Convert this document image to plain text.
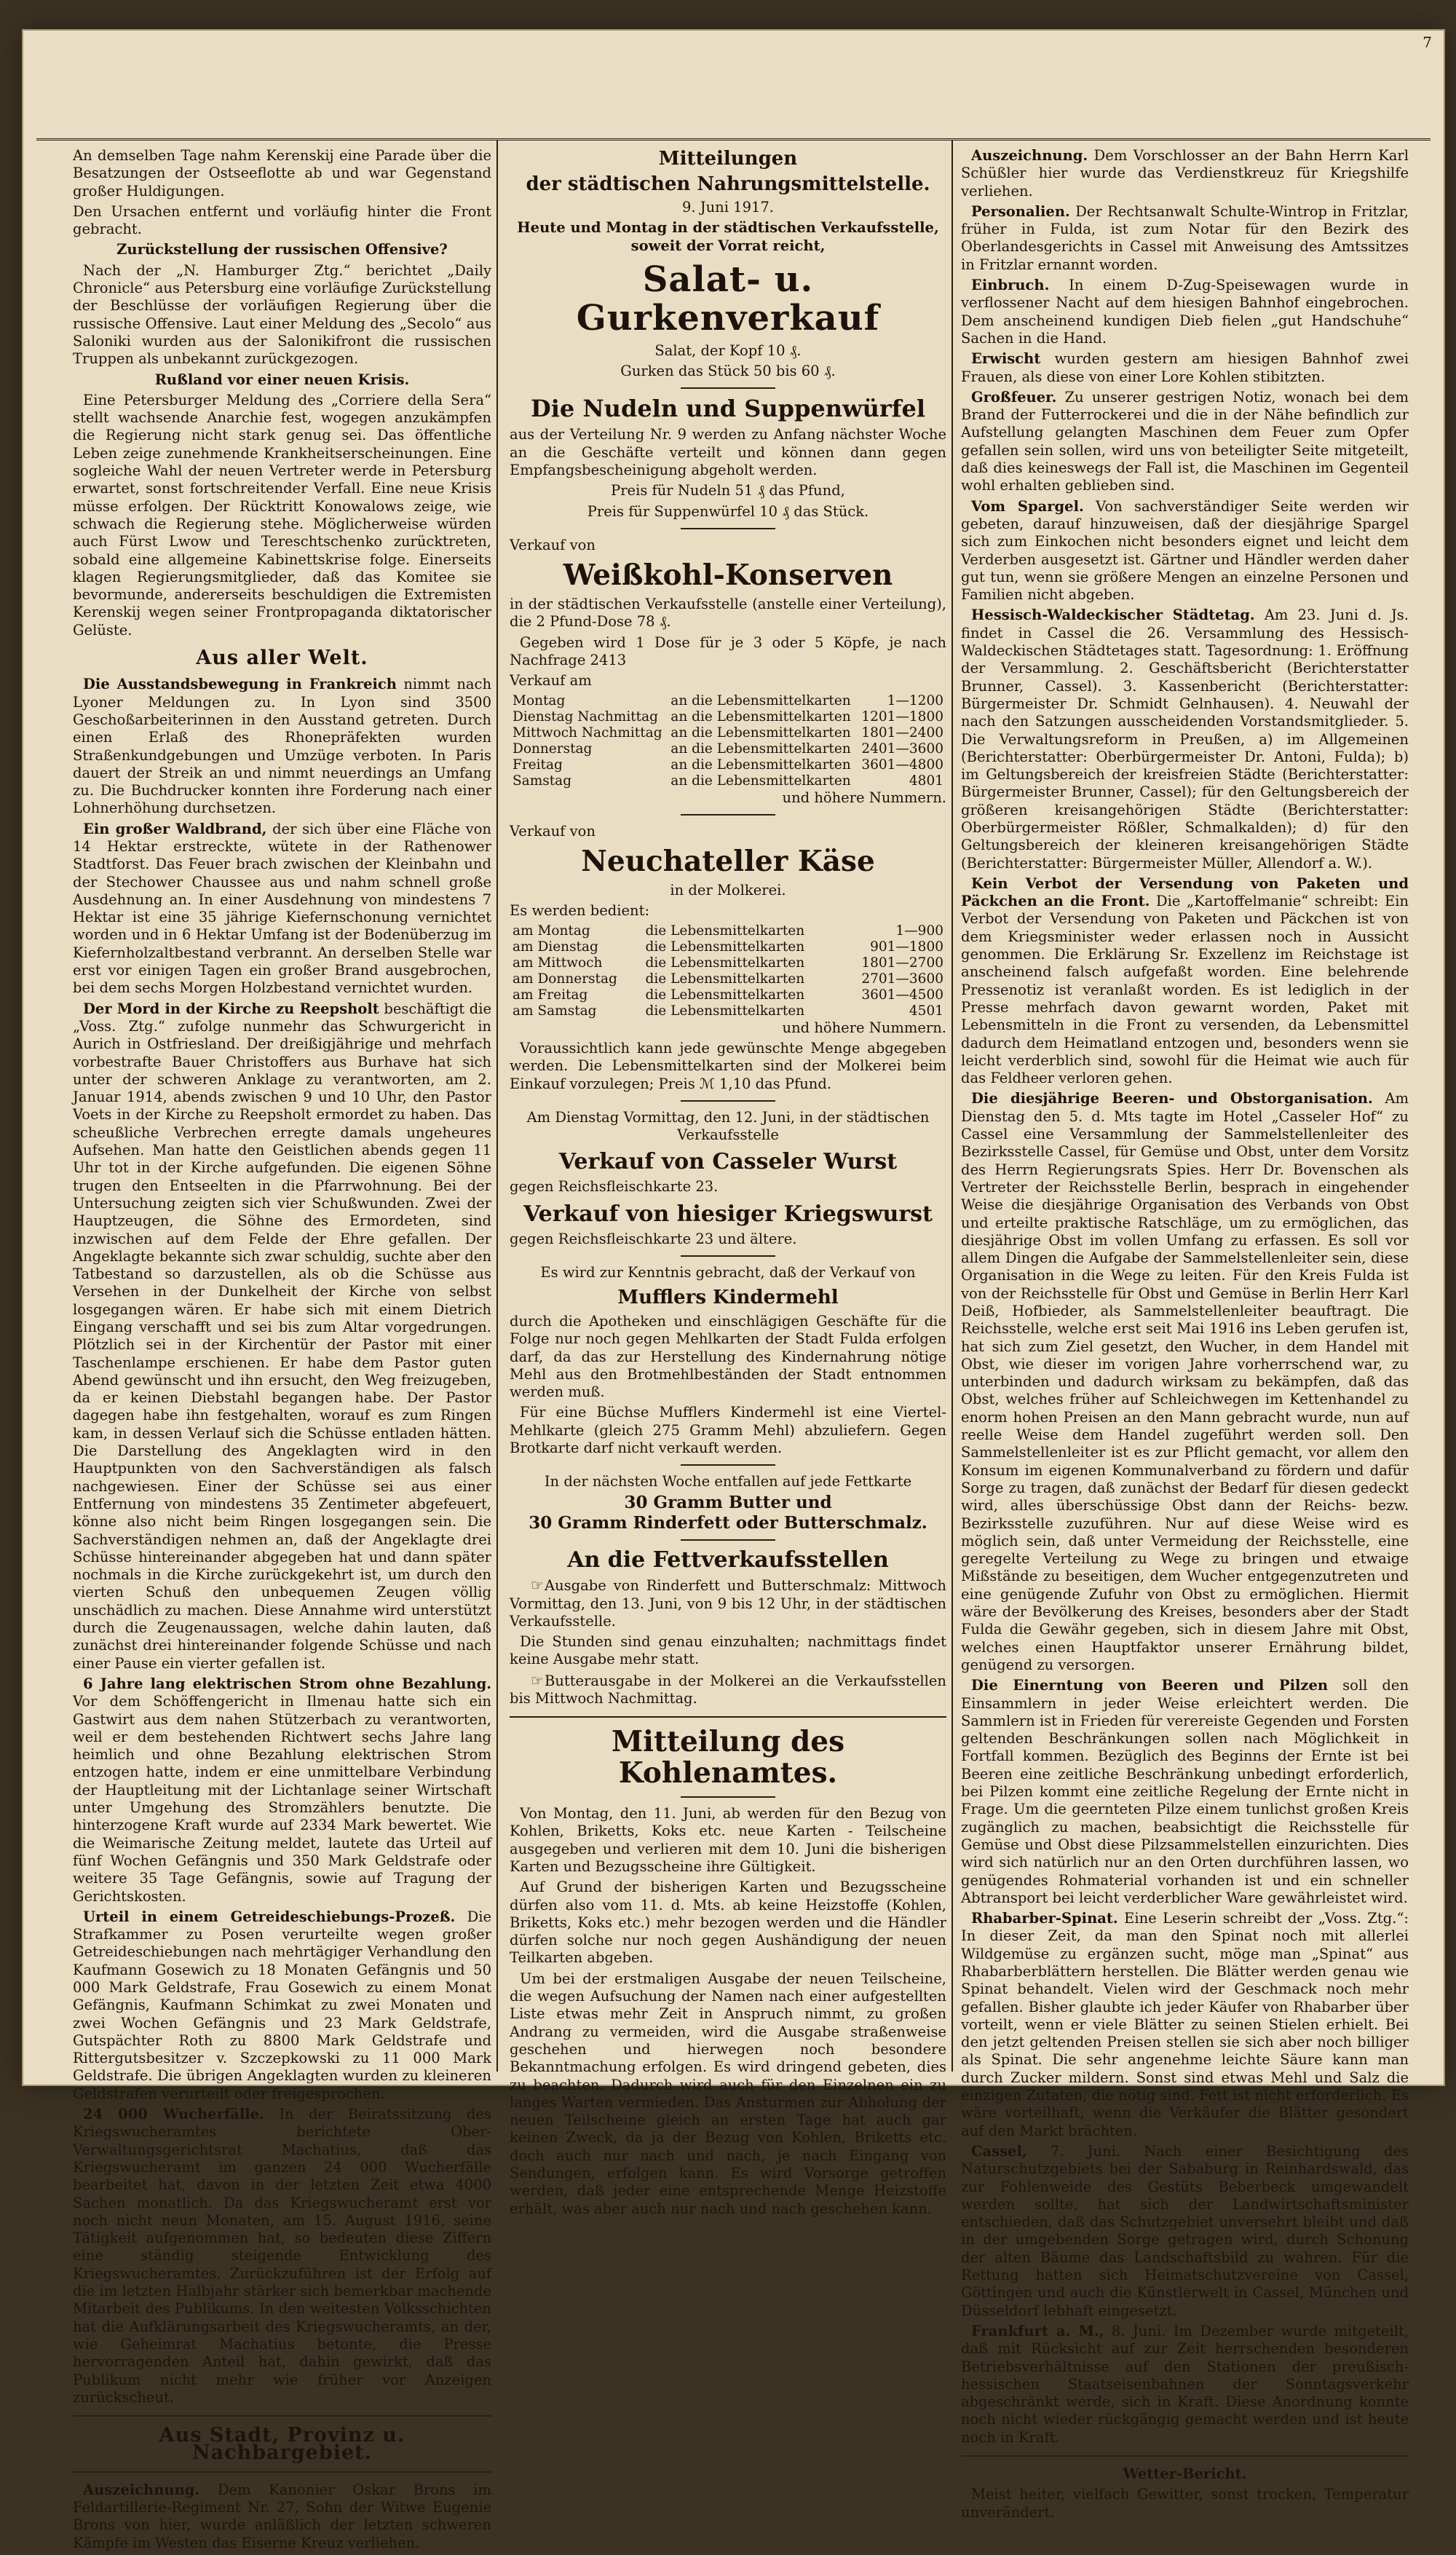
7

An demselben Tage nahm Kerenskij eine Parade über die Besatzungen der Ostseeflotte ab und war Gegenstand großer Huldigungen.

Den Ursachen entfernt und vorläufig hinter die Front gebracht.

Zurückstellung der russischen Offensive?

Nach der „N. Hamburger Ztg.“ berichtet „Daily Chronicle“ aus Petersburg eine vorläufige Zurückstellung der Beschlüsse der vorläufigen Regierung über die russische Offensive. Laut einer Meldung des „Secolo“ aus Saloniki wurden aus der Salonikifront die russischen Truppen als unbekannt zurückgezogen.

Rußland vor einer neuen Krisis.

Eine Petersburger Meldung des „Corriere della Sera“ stellt wachsende Anarchie fest, wogegen anzukämpfen die Regierung nicht stark genug sei. Das öffentliche Leben zeige zunehmende Krankheitserscheinungen. Eine sogleiche Wahl der neuen Vertreter werde in Petersburg erwartet, sonst fortschreitender Verfall. Eine neue Krisis müsse erfolgen. Der Rücktritt Konowalows zeige, wie schwach die Regierung stehe. Möglicherweise würden auch Fürst Lwow und Tereschtschenko zurücktreten, sobald eine allgemeine Kabinettskrise folge. Einerseits klagen Regierungsmitglieder, daß das Komitee sie bevormunde, andererseits beschuldigen die Extremisten Kerenskij wegen seiner Frontpropaganda diktatorischer Gelüste.

Aus aller Welt.

Die Ausstandsbewegung in Frankreich nimmt nach Lyoner Meldungen zu. In Lyon sind 3500 Geschoßarbeiterinnen in den Ausstand getreten. Durch einen Erlaß des Rhonepräfekten wurden Straßenkundgebungen und Umzüge verboten. In Paris dauert der Streik an und nimmt neuerdings an Umfang zu. Die Buchdrucker konnten ihre Forderung nach einer Lohnerhöhung durchsetzen.

Ein großer Waldbrand, der sich über eine Fläche von 14 Hektar erstreckte, wütete in der Rathenower Stadtforst. Das Feuer brach zwischen der Kleinbahn und der Stechower Chaussee aus und nahm schnell große Ausdehnung an. In einer Ausdehnung von mindestens 7 Hektar ist eine 35 jährige Kiefernschonung vernichtet worden und in 6 Hektar Umfang ist der Bodenüberzug im Kiefernholzaltbestand verbrannt. An derselben Stelle war erst vor einigen Tagen ein großer Brand ausgebrochen, bei dem sechs Morgen Holzbestand vernichtet wurden.

Der Mord in der Kirche zu Reepsholt beschäftigt die „Voss. Ztg.“ zufolge nunmehr das Schwurgericht in Aurich in Ostfriesland. Der dreißigjährige und mehrfach vorbestrafte Bauer Christoffers aus Burhave hat sich unter der schweren Anklage zu verantworten, am 2. Januar 1914, abends zwischen 9 und 10 Uhr, den Pastor Voets in der Kirche zu Reepsholt ermordet zu haben. Das scheußliche Verbrechen erregte damals ungeheures Aufsehen. Man hatte den Geistlichen abends gegen 11 Uhr tot in der Kirche aufgefunden. Die eigenen Söhne trugen den Entseelten in die Pfarrwohnung. Bei der Untersuchung zeigten sich vier Schußwunden. Zwei der Hauptzeugen, die Söhne des Ermordeten, sind inzwischen auf dem Felde der Ehre gefallen. Der Angeklagte bekannte sich zwar schuldig, suchte aber den Tatbestand so darzustellen, als ob die Schüsse aus Versehen in der Dunkelheit der Kirche von selbst losgegangen wären. Er habe sich mit einem Dietrich Eingang verschafft und sei bis zum Altar vorgedrungen. Plötzlich sei in der Kirchentür der Pastor mit einer Taschenlampe erschienen. Er habe dem Pastor guten Abend gewünscht und ihn ersucht, den Weg freizugeben, da er keinen Diebstahl begangen habe. Der Pastor dagegen habe ihn festgehalten, worauf es zum Ringen kam, in dessen Verlauf sich die Schüsse entladen hätten. Die Darstellung des Angeklagten wird in den Hauptpunkten von den Sachverständigen als falsch nachgewiesen. Einer der Schüsse sei aus einer Entfernung von mindestens 35 Zentimeter abgefeuert, könne also nicht beim Ringen losgegangen sein. Die Sachverständigen nehmen an, daß der Angeklagte drei Schüsse hintereinander abgegeben hat und dann später nochmals in die Kirche zurückgekehrt ist, um durch den vierten Schuß den unbequemen Zeugen völlig unschädlich zu machen. Diese Annahme wird unterstützt durch die Zeugenaussagen, welche dahin lauten, daß zunächst drei hintereinander folgende Schüsse und nach einer Pause ein vierter gefallen ist.

6 Jahre lang elektrischen Strom ohne Bezahlung. Vor dem Schöffengericht in Ilmenau hatte sich ein Gastwirt aus dem nahen Stützerbach zu verantworten, weil er dem bestehenden Richtwert sechs Jahre lang heimlich und ohne Bezahlung elektrischen Strom entzogen hatte, indem er eine unmittelbare Verbindung der Hauptleitung mit der Lichtanlage seiner Wirtschaft unter Umgehung des Stromzählers benutzte. Die hinterzogene Kraft wurde auf 2334 Mark bewertet. Wie die Weimarische Zeitung meldet, lautete das Urteil auf fünf Wochen Gefängnis und 350 Mark Geldstrafe oder weitere 35 Tage Gefängnis, sowie auf Tragung der Gerichtskosten.

Urteil in einem Getreideschiebungs-Prozeß. Die Strafkammer zu Posen verurteilte wegen großer Getreideschiebungen nach mehrtägiger Verhandlung den Kaufmann Gosewich zu 18 Monaten Gefängnis und 50 000 Mark Geldstrafe, Frau Gosewich zu einem Monat Gefängnis, Kaufmann Schimkat zu zwei Monaten und zwei Wochen Gefängnis und 23 Mark Geldstrafe, Gutspächter Roth zu 8800 Mark Geldstrafe und Rittergutsbesitzer v. Szczepkowski zu 11 000 Mark Geldstrafe. Die übrigen Angeklagten wurden zu kleineren Geldstrafen verurteilt oder freigesprochen.

24 000 Wucherfälle. In der Beiratssitzung des Kriegswucheramtes berichtete Ober-Verwaltungsgerichtsrat Machatius, daß das Kriegswucheramt im ganzen 24 000 Wucherfälle bearbeitet hat, davon in der letzten Zeit etwa 4000 Sachen monatlich. Da das Kriegswucheramt erst vor noch nicht neun Monaten, am 15. August 1916, seine Tätigkeit aufgenommen hat, so bedeuten diese Ziffern eine ständig steigende Entwicklung des Kriegswucheramtes. Zurückzuführen ist der Erfolg auf die im letzten Halbjahr stärker sich bemerkbar machende Mitarbeit des Publikums. In den weitesten Volksschichten hat die Aufklärungsarbeit des Kriegswucheramts, an der, wie Geheimrat Machatius betonte, die Presse hervorragenden Anteil hat, dahin gewirkt, daß das Publikum nicht mehr wie früher vor Anzeigen zurückscheut.

Aus Stadt, Provinz u. Nachbargebiet.

Auszeichnung. Dem Kanonier Oskar Brons im Feldartillerie-Regiment Nr. 27, Sohn der Witwe Eugenie Brons von hier, wurde anläßlich der letzten schweren Kämpfe im Westen das Eiserne Kreuz verliehen.

Mitteilungen
der städtischen Nahrungsmittelstelle.

9. Juni 1917.

Heute und Montag in der städtischen Verkaufsstelle, soweit der Vorrat reicht,

Salat- u. Gurkenverkauf

Salat, der Kopf 10 ₰.

Gurken das Stück 50 bis 60 ₰.

Die Nudeln und Suppenwürfel

aus der Verteilung Nr. 9 werden zu Anfang nächster Woche an die Geschäfte verteilt und können dann gegen Empfangsbescheinigung abgeholt werden.

Preis für Nudeln 51 ₰ das Pfund,

Preis für Suppenwürfel 10 ₰ das Stück.

Verkauf von

Weißkohl-Konserven

in der städtischen Verkaufsstelle (anstelle einer Verteilung), die 2 Pfund-Dose 78 ₰.

Gegeben wird 1 Dose für je 3 oder 5 Köpfe, je nach Nachfrage 2413

Verkauf am

Montag	an die Lebensmittelkarten	1—1200
Dienstag Nachmittag	an die Lebensmittelkarten	1201—1800
Mittwoch Nachmittag	an die Lebensmittelkarten	1801—2400
Donnerstag	an die Lebensmittelkarten	2401—3600
Freitag	an die Lebensmittelkarten	3601—4800
Samstag	an die Lebensmittelkarten	4801

und höhere Nummern.

Verkauf von

Neuchateller Käse

in der Molkerei.

Es werden bedient:

am Montag	die Lebensmittelkarten	1—900
am Dienstag	die Lebensmittelkarten	901—1800
am Mittwoch	die Lebensmittelkarten	1801—2700
am Donnerstag	die Lebensmittelkarten	2701—3600
am Freitag	die Lebensmittelkarten	3601—4500
am Samstag	die Lebensmittelkarten	4501

und höhere Nummern.

Voraussichtlich kann jede gewünschte Menge abgegeben werden. Die Lebensmittelkarten sind der Molkerei beim Einkauf vorzulegen; Preis ℳ 1,10 das Pfund.

Am Dienstag Vormittag, den 12. Juni, in der städtischen Verkaufsstelle

Verkauf von Casseler Wurst

gegen Reichsfleischkarte 23.

Verkauf von hiesiger Kriegswurst

gegen Reichsfleischkarte 23 und ältere.

Es wird zur Kenntnis gebracht, daß der Verkauf von

Mufflers Kindermehl

durch die Apotheken und einschlägigen Geschäfte für die Folge nur noch gegen Mehlkarten der Stadt Fulda erfolgen darf, da das zur Herstellung des Kindernahrung nötige Mehl aus den Brotmehlbeständen der Stadt entnommen werden muß.

Für eine Büchse Mufflers Kindermehl ist eine Viertel-Mehlkarte (gleich 275 Gramm Mehl) abzuliefern. Gegen Brotkarte darf nicht verkauft werden.

In der nächsten Woche entfallen auf jede Fettkarte

30 Gramm Butter und

30 Gramm Rinderfett oder Butterschmalz.

An die Fettverkaufsstellen

☞Ausgabe von Rinderfett und Butterschmalz: Mittwoch Vormittag, den 13. Juni, von 9 bis 12 Uhr, in der städtischen Verkaufsstelle.

Die Stunden sind genau einzuhalten; nachmittags findet keine Ausgabe mehr statt.

☞Butterausgabe in der Molkerei an die Verkaufsstellen bis Mittwoch Nachmittag.

Mitteilung des Kohlenamtes.

Von Montag, den 11. Juni, ab werden für den Bezug von Kohlen, Briketts, Koks etc. neue Karten - Teilscheine ausgegeben und verlieren mit dem 10. Juni die bisherigen Karten und Bezugsscheine ihre Gültigkeit.

Auf Grund der bisherigen Karten und Bezugsscheine dürfen also vom 11. d. Mts. ab keine Heizstoffe (Kohlen, Briketts, Koks etc.) mehr bezogen werden und die Händler dürfen solche nur noch gegen Aushändigung der neuen Teilkarten abgeben.

Um bei der erstmaligen Ausgabe der neuen Teilscheine, die wegen Aufsuchung der Namen nach einer aufgestellten Liste etwas mehr Zeit in Anspruch nimmt, zu großen Andrang zu vermeiden, wird die Ausgabe straßenweise geschehen und hierwegen noch besondere Bekanntmachung erfolgen. Es wird dringend gebeten, dies zu beachten. Dadurch wird auch für den Einzelnen ein zu langes Warten vermieden. Das Ansturmen zur Abholung der neuen Teilscheine gleich an ersten Tage hat auch gar keinen Zweck, da ja der Bezug von Kohlen, Briketts etc. doch auch nur nach und nach, je nach Eingang von Sendungen, erfolgen kann. Es wird Vorsorge getroffen werden, daß jeder eine entsprechende Menge Heizstoffe erhält, was aber auch nur nach und nach geschehen kann.

Auszeichnung. Dem Vorschlosser an der Bahn Herrn Karl Schüßler hier wurde das Verdienstkreuz für Kriegshilfe verliehen.

Personalien. Der Rechtsanwalt Schulte-Wintrop in Fritzlar, früher in Fulda, ist zum Notar für den Bezirk des Oberlandesgerichts in Cassel mit Anweisung des Amtssitzes in Fritzlar ernannt worden.

Einbruch. In einem D-Zug-Speisewagen wurde in verflossener Nacht auf dem hiesigen Bahnhof eingebrochen. Dem anscheinend kundigen Dieb fielen „gut Handschuhe“ Sachen in die Hand.

Erwischt wurden gestern am hiesigen Bahnhof zwei Frauen, als diese von einer Lore Kohlen stibitzten.

Großfeuer. Zu unserer gestrigen Notiz, wonach bei dem Brand der Futterrockerei und die in der Nähe befindlich zur Aufstellung gelangten Maschinen dem Feuer zum Opfer gefallen sein sollen, wird uns von beteiligter Seite mitgeteilt, daß dies keineswegs der Fall ist, die Maschinen im Gegenteil wohl erhalten geblieben sind.

Vom Spargel. Von sachverständiger Seite werden wir gebeten, darauf hinzuweisen, daß der diesjährige Spargel sich zum Einkochen nicht besonders eignet und leicht dem Verderben ausgesetzt ist. Gärtner und Händler werden daher gut tun, wenn sie größere Mengen an einzelne Personen und Familien nicht abgeben.

Hessisch-Waldeckischer Städtetag. Am 23. Juni d. Js. findet in Cassel die 26. Versammlung des Hessisch-Waldeckischen Städtetages statt. Tagesordnung: 1. Eröffnung der Versammlung. 2. Geschäftsbericht (Berichterstatter Brunner, Cassel). 3. Kassenbericht (Berichterstatter: Bürgermeister Dr. Schmidt Gelnhausen). 4. Neuwahl der nach den Satzungen ausscheidenden Vorstandsmitglieder. 5. Die Verwaltungsreform in Preußen, a) im Allgemeinen (Berichterstatter: Oberbürgermeister Dr. Antoni, Fulda); b) im Geltungsbereich der kreisfreien Städte (Berichterstatter: Bürgermeister Brunner, Cassel); für den Geltungsbereich der größeren kreisangehörigen Städte (Berichterstatter: Oberbürgermeister Rößler, Schmalkalden); d) für den Geltungsbereich der kleineren kreisangehörigen Städte (Berichterstatter: Bürgermeister Müller, Allendorf a. W.).

Kein Verbot der Versendung von Paketen und Päckchen an die Front. Die „Kartoffelmanie“ schreibt: Ein Verbot der Versendung von Paketen und Päckchen ist von dem Kriegsminister weder erlassen noch in Aussicht genommen. Die Erklärung Sr. Exzellenz im Reichstage ist anscheinend falsch aufgefaßt worden. Eine belehrende Pressenotiz ist veranlaßt worden. Es ist lediglich in der Presse mehrfach davon gewarnt worden, Paket mit Lebensmitteln in die Front zu versenden, da Lebensmittel dadurch dem Heimatland entzogen und, besonders wenn sie leicht verderblich sind, sowohl für die Heimat wie auch für das Feldheer verloren gehen.

Die diesjährige Beeren- und Obstorganisation. Am Dienstag den 5. d. Mts tagte im Hotel „Casseler Hof“ zu Cassel eine Versammlung der Sammelstellenleiter des Bezirksstelle Cassel, für Gemüse und Obst, unter dem Vorsitz des Herrn Regierungsrats Spies. Herr Dr. Bovenschen als Vertreter der Reichsstelle Berlin, besprach in eingehender Weise die diesjährige Organisation des Verbands von Obst und erteilte praktische Ratschläge, um zu ermöglichen, das diesjährige Obst im vollen Umfang zu erfassen. Es soll vor allem Dingen die Aufgabe der Sammelstellenleiter sein, diese Organisation in die Wege zu leiten. Für den Kreis Fulda ist von der Reichsstelle für Obst und Gemüse in Berlin Herr Karl Deiß, Hofbieder, als Sammelstellenleiter beauftragt. Die Reichsstelle, welche erst seit Mai 1916 ins Leben gerufen ist, hat sich zum Ziel gesetzt, den Wucher, in dem Handel mit Obst, wie dieser im vorigen Jahre vorherrschend war, zu unterbinden und dadurch wirksam zu bekämpfen, daß das Obst, welches früher auf Schleichwegen im Kettenhandel zu enorm hohen Preisen an den Mann gebracht wurde, nun auf reelle Weise dem Handel zugeführt werden soll. Den Sammelstellenleiter ist es zur Pflicht gemacht, vor allem den Konsum im eigenen Kommunalverband zu fördern und dafür Sorge zu tragen, daß zunächst der Bedarf für diesen gedeckt wird, alles überschüssige Obst dann der Reichs- bezw. Bezirksstelle zuzuführen. Nur auf diese Weise wird es möglich sein, daß unter Vermeidung der Reichsstelle, eine geregelte Verteilung zu Wege zu bringen und etwaige Mißstände zu beseitigen, dem Wucher entgegenzutreten und eine genügende Zufuhr von Obst zu ermöglichen. Hiermit wäre der Bevölkerung des Kreises, besonders aber der Stadt Fulda die Gewähr gegeben, sich in diesem Jahre mit Obst, welches einen Hauptfaktor unserer Ernährung bildet, genügend zu versorgen.

Die Einerntung von Beeren und Pilzen soll den Einsammlern in jeder Weise erleichtert werden. Die Sammlern ist in Frieden für verereiste Gegenden und Forsten geltenden Beschränkungen sollen nach Möglichkeit in Fortfall kommen. Bezüglich des Beginns der Ernte ist bei Beeren eine zeitliche Beschränkung unbedingt erforderlich, bei Pilzen kommt eine zeitliche Regelung der Ernte nicht in Frage. Um die geernteten Pilze einem tunlichst großen Kreis zugänglich zu machen, beabsichtigt die Reichsstelle für Gemüse und Obst diese Pilzsammelstellen einzurichten. Dies wird sich natürlich nur an den Orten durchführen lassen, wo genügendes Rohmaterial vorhanden ist und ein schneller Abtransport bei leicht verderblicher Ware gewährleistet wird.

Rhabarber-Spinat. Eine Leserin schreibt der „Voss. Ztg.“: In dieser Zeit, da man den Spinat noch mit allerlei Wildgemüse zu ergänzen sucht, möge man „Spinat“ aus Rhabarberblättern herstellen. Die Blätter werden genau wie Spinat behandelt. Vielen wird der Geschmack noch mehr gefallen. Bisher glaubte ich jeder Käufer von Rhabarber über vorteilt, wenn er viele Blätter zu seinen Stielen erhielt. Bei den jetzt geltenden Preisen stellen sie sich aber noch billiger als Spinat. Die sehr angenehme leichte Säure kann man durch Zucker mildern. Sonst sind etwas Mehl und Salz die einzigen Zutaten, die nötig sind. Fett ist nicht erforderlich. Es wäre vorteilhaft, wenn die Verkäufer die Blätter gesondert auf den Markt brächten.

Cassel, 7. Juni. Nach einer Besichtigung des Naturschutzgebiets bei der Sababurg in Reinhardswald, das zur Fohlenweide des Gestüts Beberbeck umgewandelt werden sollte, hat sich der Landwirtschaftsminister entschieden, daß das Schutzgebiet unversehrt bleibt und daß in der umgebenden Sorge getragen wird, durch Schonung der alten Bäume das Landschaftsbild zu wahren. Für die Rettung hatten sich Heimatschutzvereine von Cassel, Göttingen und auch die Künstlerwelt in Cassel, München und Düsseldorf lebhaft eingesetzt.

Frankfurt a. M., 8. Juni. Im Dezember wurde mitgeteilt, daß mit Rücksicht auf zur Zeit herrschenden besonderen Betriebsverhältnisse auf den Stationen der preußisch-hessischen Staatseisenbahnen der Sonntagsverkehr abgeschränkt werde, sich in Kraft. Diese Anordnung konnte noch nicht wieder rückgängig gemacht werden und ist heute noch in Kraft.

Wetter-Bericht.

Meist heiter, vielfach Gewitter, sonst trocken, Temperatur unverändert.
